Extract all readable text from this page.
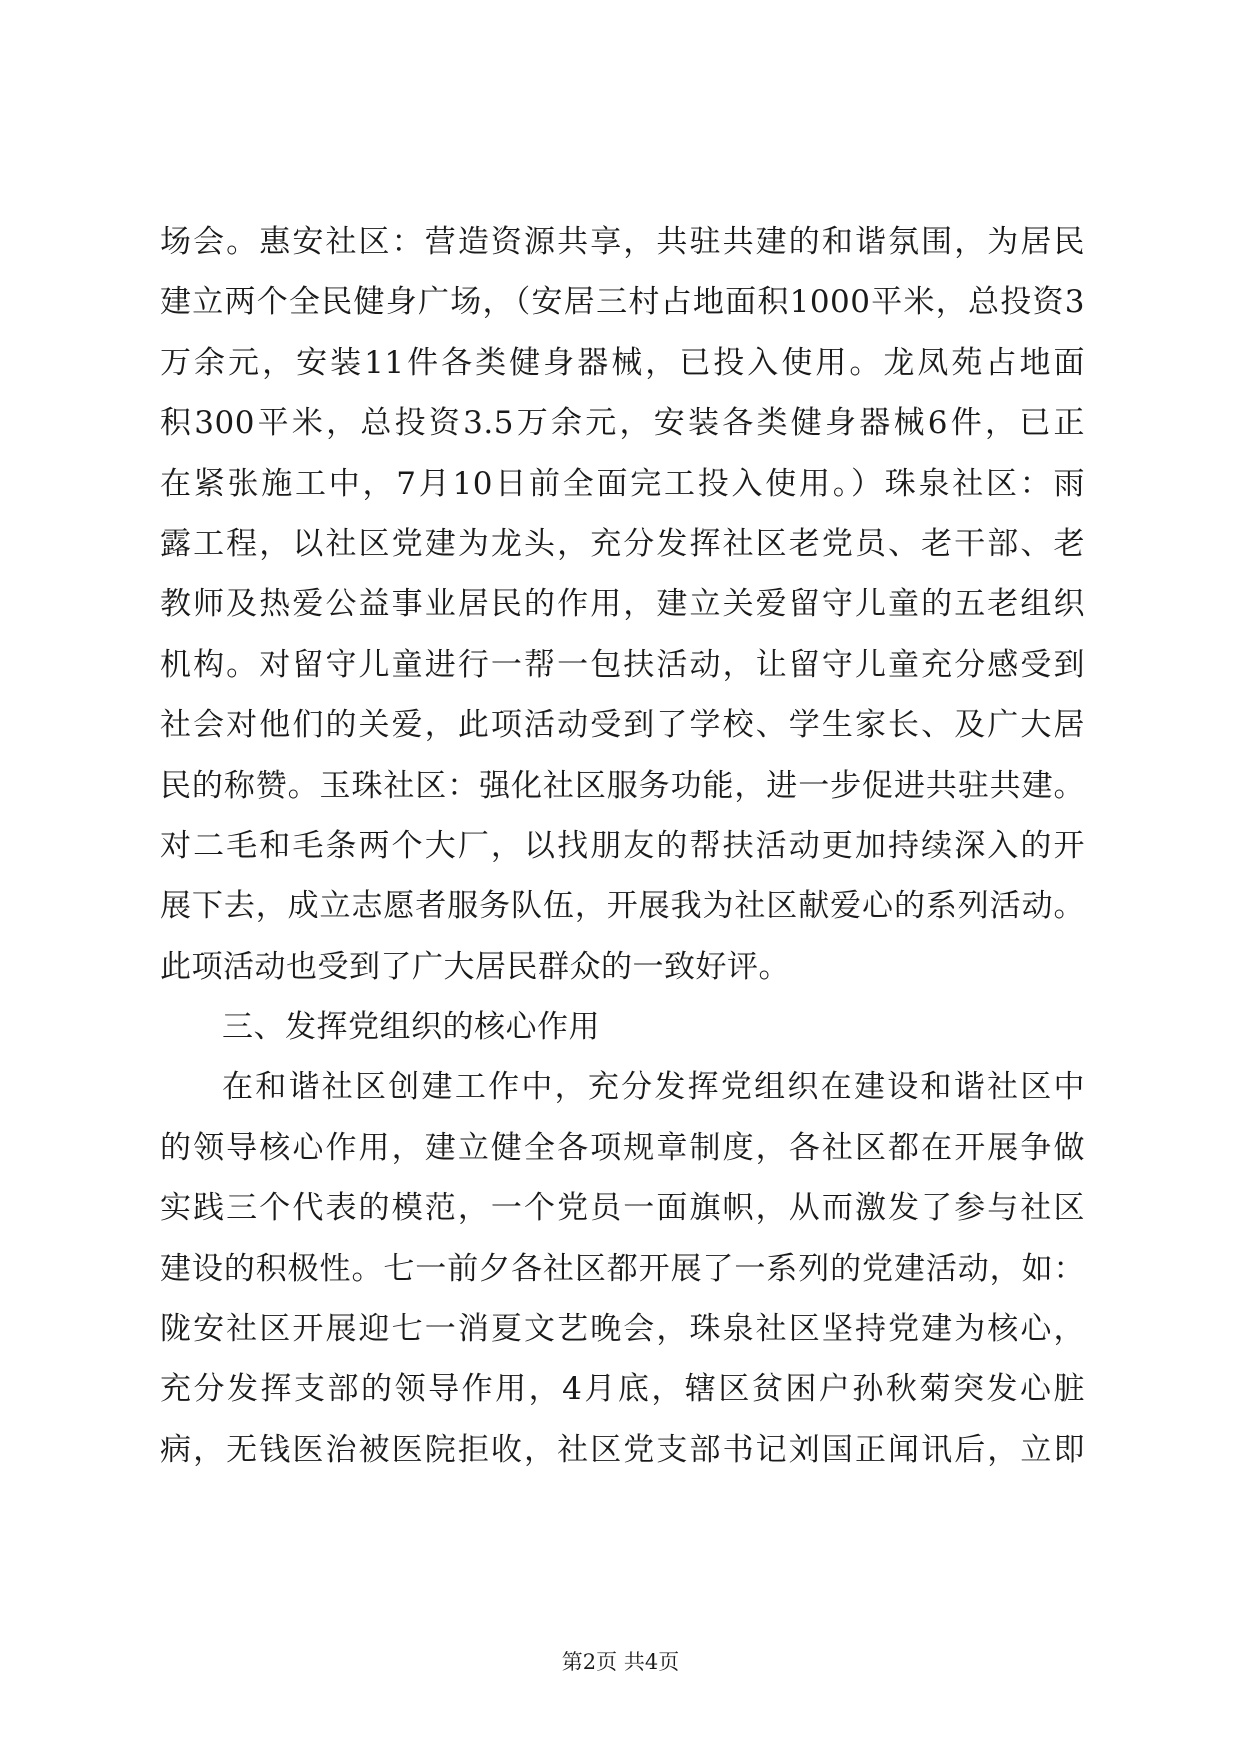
场会。惠安社区：营造资源共享，共驻共建的和谐氛围，为居民
建立两个全民健身广场，（安居三村占地面积1000平米，总投资3
万余元，安装11件各类健身器械，已投入使用。龙凤苑占地面
积300平米，总投资3.5万余元，安装各类健身器械6件，已正
在紧张施工中，7月10日前全面完工投入使用。）珠泉社区：雨
露工程，以社区党建为龙头，充分发挥社区老党员、老干部、老
教师及热爱公益事业居民的作用，建立关爱留守儿童的五老组织
机构。对留守儿童进行一帮一包扶活动，让留守儿童充分感受到
社会对他们的关爱，此项活动受到了学校、学生家长、及广大居
民的称赞。玉珠社区：强化社区服务功能，进一步促进共驻共建。
对二毛和毛条两个大厂，以找朋友的帮扶活动更加持续深入的开
展下去，成立志愿者服务队伍，开展我为社区献爱心的系列活动。
此项活动也受到了广大居民群众的一致好评。
三、发挥党组织的核心作用
在和谐社区创建工作中，充分发挥党组织在建设和谐社区中
的领导核心作用，建立健全各项规章制度，各社区都在开展争做
实践三个代表的模范，一个党员一面旗帜，从而激发了参与社区
建设的积极性。七一前夕各社区都开展了一系列的党建活动，如：
陇安社区开展迎七一消夏文艺晚会，珠泉社区坚持党建为核心，
充分发挥支部的领导作用，4月底，辖区贫困户孙秋菊突发心脏
病，无钱医治被医院拒收，社区党支部书记刘国正闻讯后，立即
第2页 共4页
